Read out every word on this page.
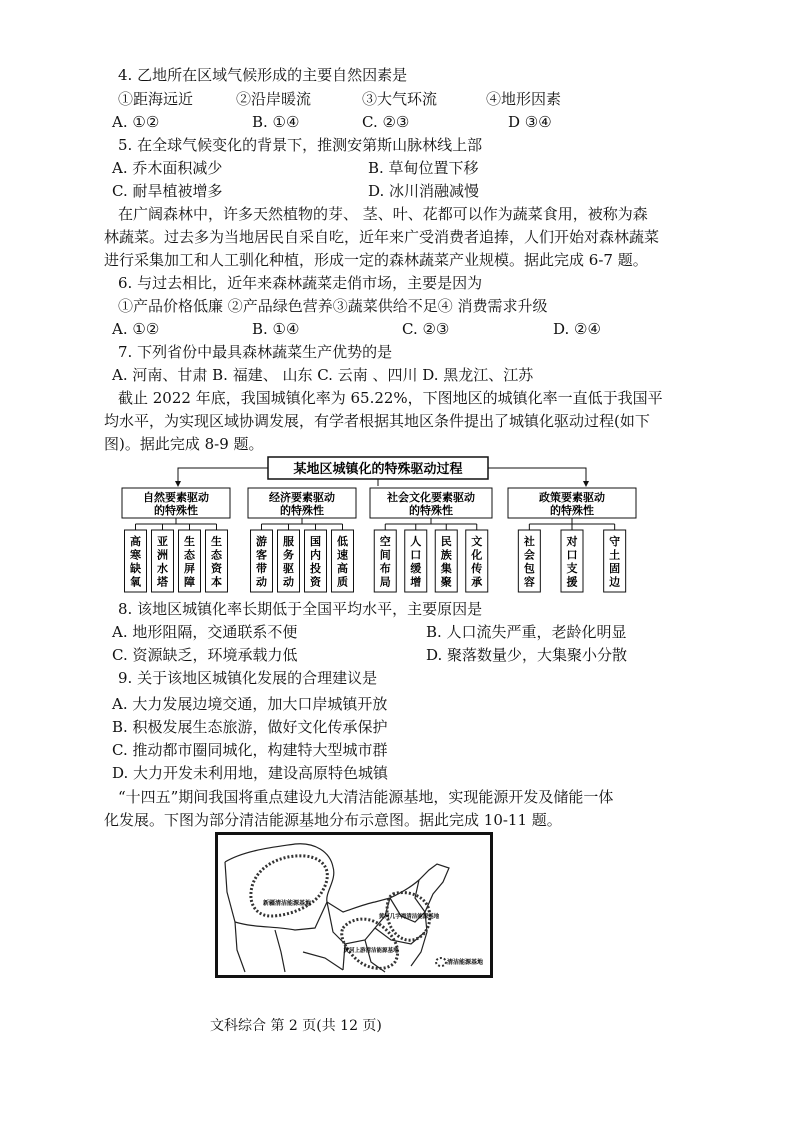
4. 乙地所在区域气候形成的主要自然因素是
①距海远近	②沿岸暖流	③大气环流	④地形因素
A. ①②	B. ①④	C. ②③	D ③④
5. 在全球气候变化的背景下，推测安第斯山脉林线上部
A. 乔木面积减少	B. 草甸位置下移
C. 耐旱植被增多	D. 冰川消融减慢
在广阔森林中，许多天然植物的芽、 茎、叶、花都可以作为蔬菜食用，被称为森
林蔬菜。过去多为当地居民自采自吃，近年来广受消费者追捧，人们开始对森林蔬菜
进行采集加工和人工驯化种植，形成一定的森林蔬菜产业规模。据此完成 6-7 题。
6. 与过去相比，近年来森林蔬菜走俏市场，主要是因为
①产品价格低廉 ②产品绿色营养③蔬菜供给不足④ 消费需求升级
A. ①②	B. ①④	C. ②③	D. ②④
7. 下列省份中最具森林蔬菜生产优势的是
A. 河南、甘肃 B. 福建、 山东 C. 云南 、四川 D. 黑龙江、江苏
截止 2022 年底，我国城镇化率为 65.22%，下图地区的城镇化率一直低于我国平
均水平，为实现区域协调发展，有学者根据其地区条件提出了城镇化驱动过程(如下
图)。据此完成 8-9 题。
某地区城镇化的特殊驱动过程
自然要素驱动
的特殊性
经济要素驱动
的特殊性
社会文化要素驱动
的特殊性
政策要素驱动
的特殊性
高寒缺氧
亚洲水塔
生态屏障
生态资本
游客带动
服务驱动
国内投资
低速高质
空间布局
人口缓增
民族集聚
文化传承
社会包容
对口支援
守土固边
8. 该地区城镇化率长期低于全国平均水平，主要原因是
A. 地形阻隔，交通联系不便	B. 人口流失严重，老龄化明显
C. 资源缺乏，环境承载力低	D. 聚落数量少，大集聚小分散
9. 关于该地区城镇化发展的合理建议是
A. 大力发展边境交通，加大口岸城镇开放
B. 积极发展生态旅游，做好文化传承保护
C. 推动都市圈同城化，构建特大型城市群
D. 大力开发未利用地，建设高原特色城镇
“十四五”期间我国将重点建设九大清洁能源基地，实现能源开发及储能一体
化发展。下图为部分清洁能源基地分布示意图。据此完成 10-11 题。
新疆清洁能源基地
黄河几字湾清洁能源基地
黄河上游清洁能源基地
清洁能源基地
文科综合 第 2 页(共 12 页)
